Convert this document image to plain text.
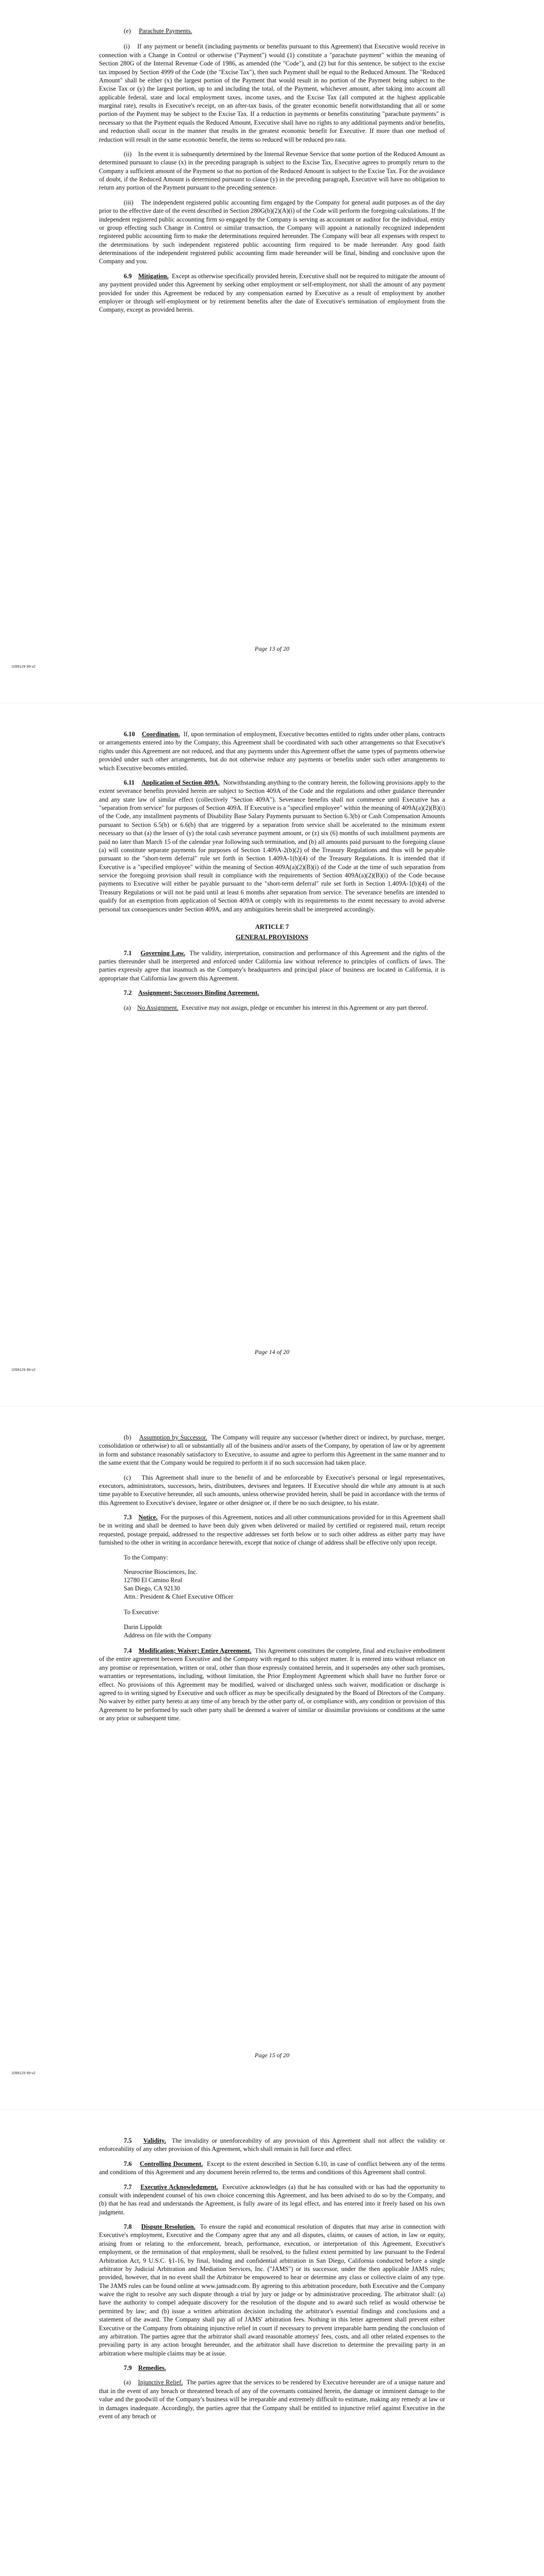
(e) Parachute Payments.

(i) If any payment or benefit (including payments or benefits pursuant to this Agreement) that Executive would receive in connection with a Change in Control or otherwise ("Payment") would (1) constitute a "parachute payment" within the meaning of Section 280G of the Internal Revenue Code of 1986, as amended (the "Code"), and (2) but for this sentence, be subject to the excise tax imposed by Section 4999 of the Code (the "Excise Tax"), then such Payment shall be equal to the Reduced Amount. The "Reduced Amount" shall be either (x) the largest portion of the Payment that would result in no portion of the Payment being subject to the Excise Tax or (y) the largest portion, up to and including the total, of the Payment, whichever amount, after taking into account all applicable federal, state and local employment taxes, income taxes, and the Excise Tax (all computed at the highest applicable marginal rate), results in Executive's receipt, on an after-tax basis, of the greater economic benefit notwithstanding that all or some portion of the Payment may be subject to the Excise Tax. If a reduction in payments or benefits constituting "parachute payments" is necessary so that the Payment equals the Reduced Amount, Executive shall have no rights to any additional payments and/or benefits, and reduction shall occur in the manner that results in the greatest economic benefit for Executive. If more than one method of reduction will result in the same economic benefit, the items so reduced will be reduced pro rata.

(ii) In the event it is subsequently determined by the Internal Revenue Service that some portion of the Reduced Amount as determined pursuant to clause (x) in the preceding paragraph is subject to the Excise Tax, Executive agrees to promptly return to the Company a sufficient amount of the Payment so that no portion of the Reduced Amount is subject to the Excise Tax. For the avoidance of doubt, if the Reduced Amount is determined pursuant to clause (y) in the preceding paragraph, Executive will have no obligation to return any portion of the Payment pursuant to the preceding sentence.

(iii) The independent registered public accounting firm engaged by the Company for general audit purposes as of the day prior to the effective date of the event described in Section 280G(b)(2)(A)(i) of the Code will perform the foregoing calculations. If the independent registered public accounting firm so engaged by the Company is serving as accountant or auditor for the individual, entity or group effecting such Change in Control or similar transaction, the Company will appoint a nationally recognized independent registered public accounting firm to make the determinations required hereunder. The Company will bear all expenses with respect to the determinations by such independent registered public accounting firm required to be made hereunder. Any good faith determinations of the independent registered public accounting firm made hereunder will be final, binding and conclusive upon the Company and you.

6.9 Mitigation. Except as otherwise specifically provided herein, Executive shall not be required to mitigate the amount of any payment provided under this Agreement by seeking other employment or self-employment, nor shall the amount of any payment provided for under this Agreement be reduced by any compensation earned by Executive as a result of employment by another employer or through self-employment or by retirement benefits after the date of Executive's termination of employment from the Company, except as provided herein.

Page 13 of 20
1099129 99-v2

6.10 Coordination. If, upon termination of employment, Executive becomes entitled to rights under other plans, contracts or arrangements entered into by the Company, this Agreement shall be coordinated with such other arrangements so that Executive's rights under this Agreement are not reduced, and that any payments under this Agreement offset the same types of payments otherwise provided under such other arrangements, but do not otherwise reduce any payments or benefits under such other arrangements to which Executive becomes entitled.

6.11 Application of Section 409A. Notwithstanding anything to the contrary herein, the following provisions apply to the extent severance benefits provided herein are subject to Section 409A of the Code and the regulations and other guidance thereunder and any state law of similar effect (collectively "Section 409A"). Severance benefits shall not commence until Executive has a "separation from service" for purposes of Section 409A. If Executive is a "specified employee" within the meaning of 409A(a)(2)(B)(i) of the Code, any installment payments of Disability Base Salary Payments pursuant to Section 6.3(b) or Cash Compensation Amounts pursuant to Section 6.5(b) or 6.6(b) that are triggered by a separation from service shall be accelerated to the minimum extent necessary so that (a) the lesser of (y) the total cash severance payment amount, or (z) six (6) months of such installment payments are paid no later than March 15 of the calendar year following such termination, and (b) all amounts paid pursuant to the foregoing clause (a) will constitute separate payments for purposes of Section 1.409A-2(b)(2) of the Treasury Regulations and thus will be payable pursuant to the "short-term deferral" rule set forth in Section 1.409A-1(b)(4) of the Treasury Regulations. It is intended that if Executive is a "specified employee" within the meaning of Section 409A(a)(2)(B)(i) of the Code at the time of such separation from service the foregoing provision shall result in compliance with the requirements of Section 409A(a)(2)(B)(i) of the Code because payments to Executive will either be payable pursuant to the "short-term deferral" rule set forth in Section 1.409A-1(b)(4) of the Treasury Regulations or will not be paid until at least 6 months after separation from service. The severance benefits are intended to qualify for an exemption from application of Section 409A or comply with its requirements to the extent necessary to avoid adverse personal tax consequences under Section 409A, and any ambiguities herein shall be interpreted accordingly.

ARTICLE 7
GENERAL PROVISIONS

7.1 Governing Law. The validity, interpretation, construction and performance of this Agreement and the rights of the parties thereunder shall be interpreted and enforced under California law without reference to principles of conflicts of laws. The parties expressly agree that inasmuch as the Company's headquarters and principal place of business are located in California, it is appropriate that California law govern this Agreement.

7.2 Assignment; Successors Binding Agreement.

(a) No Assignment. Executive may not assign, pledge or encumber his interest in this Agreement or any part thereof.

Page 14 of 20
1099129 99-v2

(b) Assumption by Successor. The Company will require any successor (whether direct or indirect, by purchase, merger, consolidation or otherwise) to all or substantially all of the business and/or assets of the Company, by operation of law or by agreement in form and substance reasonably satisfactory to Executive, to assume and agree to perform this Agreement in the same manner and to the same extent that the Company would be required to perform it if no such succession had taken place.

(c) This Agreement shall inure to the benefit of and be enforceable by Executive's personal or legal representatives, executors, administrators, successors, heirs, distributees, devisees and legatees. If Executive should die while any amount is at such time payable to Executive hereunder, all such amounts, unless otherwise provided herein, shall be paid in accordance with the terms of this Agreement to Executive's devisee, legatee or other designee or, if there be no such designee, to his estate.

7.3 Notice. For the purposes of this Agreement, notices and all other communications provided for in this Agreement shall be in writing and shall be deemed to have been duly given when delivered or mailed by certified or registered mail, return receipt requested, postage prepaid, addressed to the respective addresses set forth below or to such other address as either party may have furnished to the other in writing in accordance herewith, except that notice of change of address shall be effective only upon receipt.

To the Company:

Neurocrine Biosciences, Inc.
12780 El Camino Real
San Diego, CA 92130
Attn.: President & Chief Executive Officer

To Executive:

Darin Lippoldt
Address on file with the Company

7.4 Modification; Waiver; Entire Agreement. This Agreement constitutes the complete, final and exclusive embodiment of the entire agreement between Executive and the Company with regard to this subject matter. It is entered into without reliance on any promise or representation, written or oral, other than those expressly contained herein, and it supersedes any other such promises, warranties or representations, including, without limitation, the Prior Employment Agreement which shall have no further force or effect. No provisions of this Agreement may be modified, waived or discharged unless such waiver, modification or discharge is agreed to in writing signed by Executive and such officer as may be specifically designated by the Board of Directors of the Company. No waiver by either party hereto at any time of any breach by the other party of, or compliance with, any condition or provision of this Agreement to be performed by such other party shall be deemed a waiver of similar or dissimilar provisions or conditions at the same or any prior or subsequent time.

Page 15 of 20
1099129 99-v2

7.5 Validity. The invalidity or unenforceability of any provision of this Agreement shall not affect the validity or enforceability of any other provision of this Agreement, which shall remain in full force and effect.

7.6 Controlling Document. Except to the extent described in Section 6.10, in case of conflict between any of the terms and conditions of this Agreement and any document herein referred to, the terms and conditions of this Agreement shall control.

7.7 Executive Acknowledgment. Executive acknowledges (a) that he has consulted with or has had the opportunity to consult with independent counsel of his own choice concerning this Agreement, and has been advised to do so by the Company, and (b) that he has read and understands the Agreement, is fully aware of its legal effect, and has entered into it freely based on his own judgment.

7.8 Dispute Resolution. To ensure the rapid and economical resolution of disputes that may arise in connection with Executive's employment, Executive and the Company agree that any and all disputes, claims, or causes of action, in law or equity, arising from or relating to the enforcement, breach, performance, execution, or interpretation of this Agreement, Executive's employment, or the termination of that employment, shall be resolved, to the fullest extent permitted by law pursuant to the Federal Arbitration Act, 9 U.S.C. §1-16, by final, binding and confidential arbitration in San Diego, California conducted before a single arbitrator by Judicial Arbitration and Mediation Services, Inc. ("JAMS") or its successor, under the then applicable JAMS rules; provided, however, that in no event shall the Arbitrator be empowered to hear or determine any class or collective claim of any type. The JAMS rules can be found online at www.jamsadr.com. By agreeing to this arbitration procedure, both Executive and the Company waive the right to resolve any such dispute through a trial by jury or judge or by administrative proceeding. The arbitrator shall: (a) have the authority to compel adequate discovery for the resolution of the dispute and to award such relief as would otherwise be permitted by law; and (b) issue a written arbitration decision including the arbitrator's essential findings and conclusions and a statement of the award. The Company shall pay all of JAMS' arbitration fees. Nothing in this letter agreement shall prevent either Executive or the Company from obtaining injunctive relief in court if necessary to prevent irreparable harm pending the conclusion of any arbitration. The parties agree that the arbitrator shall award reasonable attorneys' fees, costs, and all other related expenses to the prevailing party in any action brought hereunder, and the arbitrator shall have discretion to determine the prevailing party in an arbitration where multiple claims may be at issue.

7.9 Remedies.

(a) Injunctive Relief. The parties agree that the services to be rendered by Executive hereunder are of a unique nature and that in the event of any breach or threatened breach of any of the covenants contained herein, the damage or imminent damage to the value and the goodwill of the Company's business will be irreparable and extremely difficult to estimate, making any remedy at law or in damages inadequate. Accordingly, the parties agree that the Company shall be entitled to injunctive relief against Executive in the event of any breach or
